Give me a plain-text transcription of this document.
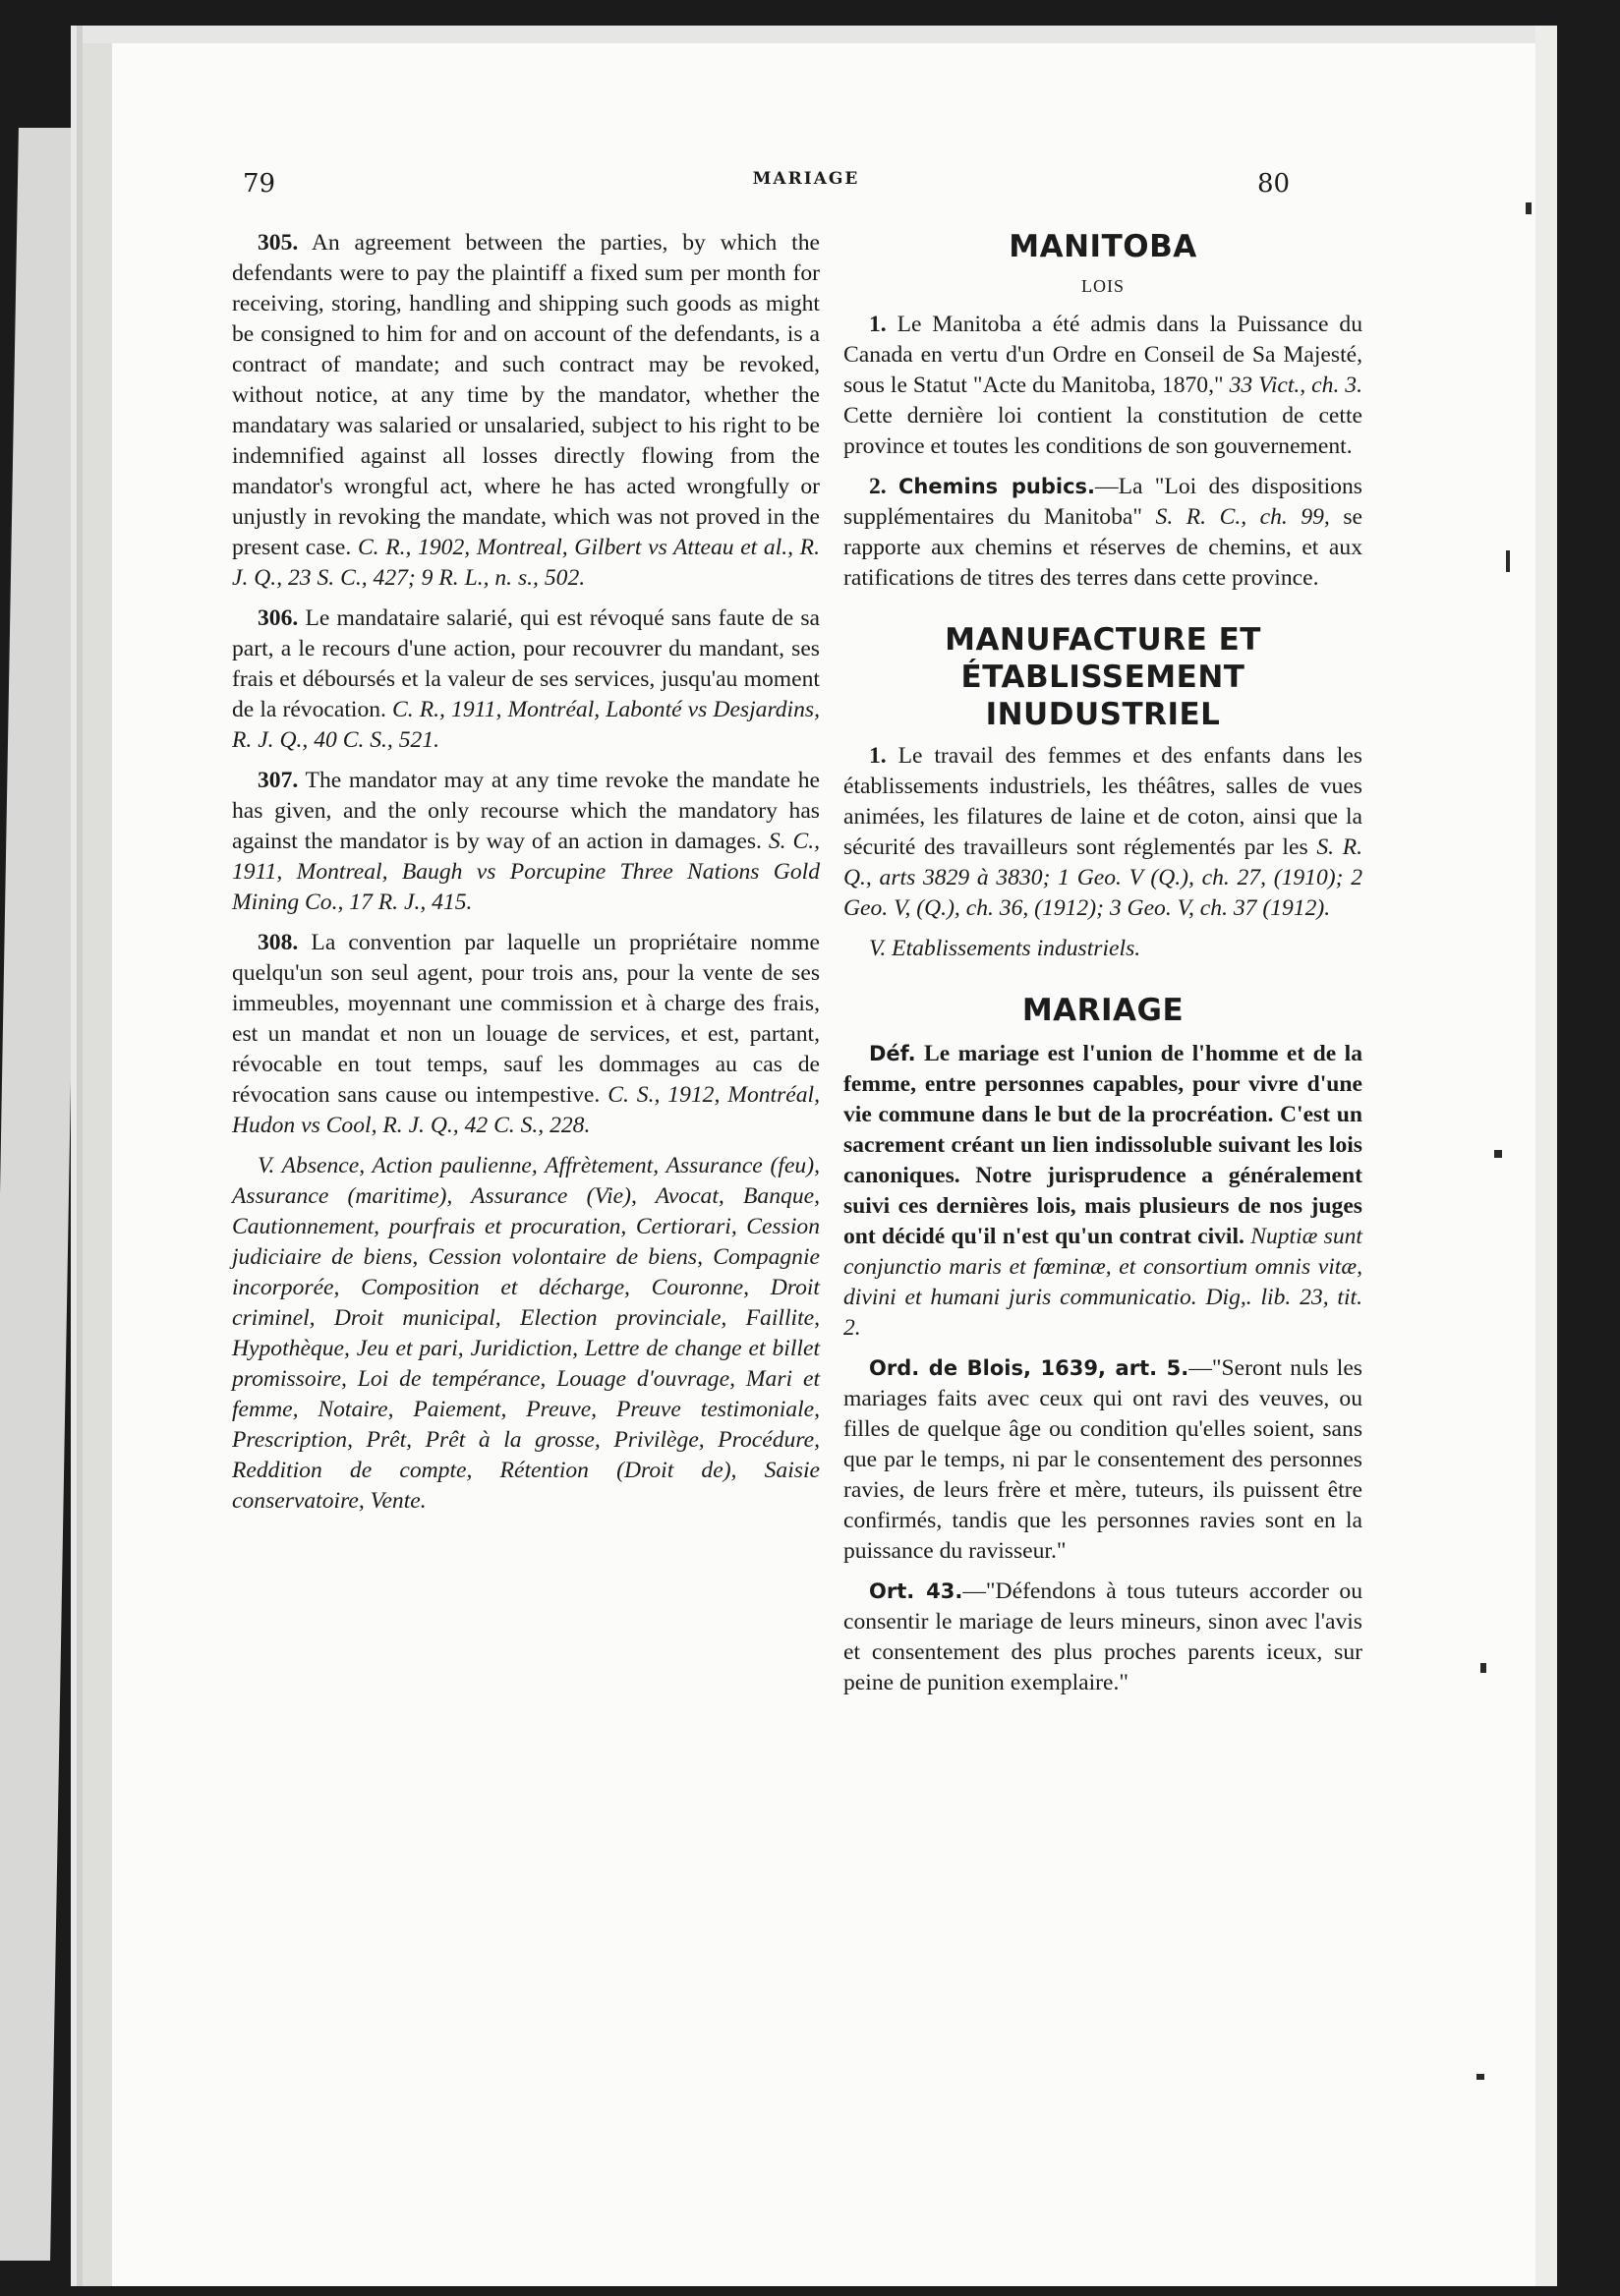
79	MARIAGE	80

305. An agreement between the parties, by which the defendants were to pay the plaintiff a fixed sum per month for receiving, storing, handling and shipping such goods as might be consigned to him for and on account of the defendants, is a contract of mandate; and such contract may be revoked, without notice, at any time by the mandator, whether the mandatary was salaried or unsalaried, subject to his right to be indemnified against all losses directly flowing from the mandator's wrongful act, where he has acted wrongfully or unjustly in revoking the mandate, which was not proved in the present case. C. R., 1902, Montreal, Gilbert vs Atteau et al., R. J. Q., 23 S. C., 427; 9 R. L., n. s., 502.

306. Le mandataire salarié, qui est révoqué sans faute de sa part, a le recours d'une action, pour recouvrer du mandant, ses frais et déboursés et la valeur de ses services, jusqu'au moment de la révocation. C. R., 1911, Montréal, Labonté vs Desjardins, R. J. Q., 40 C. S., 521.

307. The mandator may at any time revoke the mandate he has given, and the only recourse which the mandatory has against the mandator is by way of an action in damages. S. C., 1911, Montreal, Baugh vs Porcupine Three Nations Gold Mining Co., 17 R. J., 415.

308. La convention par laquelle un propriétaire nomme quelqu'un son seul agent, pour trois ans, pour la vente de ses immeubles, moyennant une commission et à charge des frais, est un mandat et non un louage de services, et est, partant, révocable en tout temps, sauf les dommages au cas de révocation sans cause ou intempestive. C. S., 1912, Montréal, Hudon vs Cool, R. J. Q., 42 C. S., 228.

V. Absence, Action paulienne, Affrètement, Assurance (feu), Assurance (maritime), Assurance (Vie), Avocat, Banque, Cautionnement, pourfrais et procuration, Certiorari, Cession judiciaire de biens, Cession volontaire de biens, Compagnie incorporée, Composition et décharge, Couronne, Droit criminel, Droit municipal, Election provinciale, Faillite, Hypothèque, Jeu et pari, Juridiction, Lettre de change et billet promissoire, Loi de tempérance, Louage d'ouvrage, Mari et femme, Notaire, Paiement, Preuve, Preuve testimoniale, Prescription, Prêt, Prêt à la grosse, Privilège, Procédure, Reddition de compte, Rétention (Droit de), Saisie conservatoire, Vente.

MANITOBA
LOIS

1. Le Manitoba a été admis dans la Puissance du Canada en vertu d'un Ordre en Conseil de Sa Majesté, sous le Statut "Acte du Manitoba, 1870," 33 Vict., ch. 3. Cette dernière loi contient la constitution de cette province et toutes les conditions de son gouvernement.

2. Chemins pubics.—La "Loi des dispositions supplémentaires du Manitoba" S. R. C., ch. 99, se rapporte aux chemins et réserves de chemins, et aux ratifications de titres des terres dans cette province.

MANUFACTURE ET ÉTABLISSEMENT INUDUSTRIEL

1. Le travail des femmes et des enfants dans les établissements industriels, les théâtres, salles de vues animées, les filatures de laine et de coton, ainsi que la sécurité des travailleurs sont réglementés par les S. R. Q., arts 3829 à 3830; 1 Geo. V (Q.), ch. 27, (1910); 2 Geo. V, (Q.), ch. 36, (1912); 3 Geo. V, ch. 37 (1912).

V. Etablissements industriels.

MARIAGE

Déf. Le mariage est l'union de l'homme et de la femme, entre personnes capables, pour vivre d'une vie commune dans le but de la procréation. C'est un sacrement créant un lien indissoluble suivant les lois canoniques. Notre jurisprudence a généralement suivi ces dernières lois, mais plusieurs de nos juges ont décidé qu'il n'est qu'un contrat civil. Nuptiæ sunt conjunctio maris et fœminæ, et consortium omnis vitæ, divini et humani juris communicatio. Dig,. lib. 23, tit. 2.

Ord. de Blois, 1639, art. 5.—"Seront nuls les mariages faits avec ceux qui ont ravi des veuves, ou filles de quelque âge ou condition qu'elles soient, sans que par le temps, ni par le consentement des personnes ravies, de leurs frère et mère, tuteurs, ils puissent être confirmés, tandis que les personnes ravies sont en la puissance du ravisseur."

Ort. 43.—"Défendons à tous tuteurs accorder ou consentir le mariage de leurs mineurs, sinon avec l'avis et consentement des plus proches parents iceux, sur peine de punition exemplaire."
